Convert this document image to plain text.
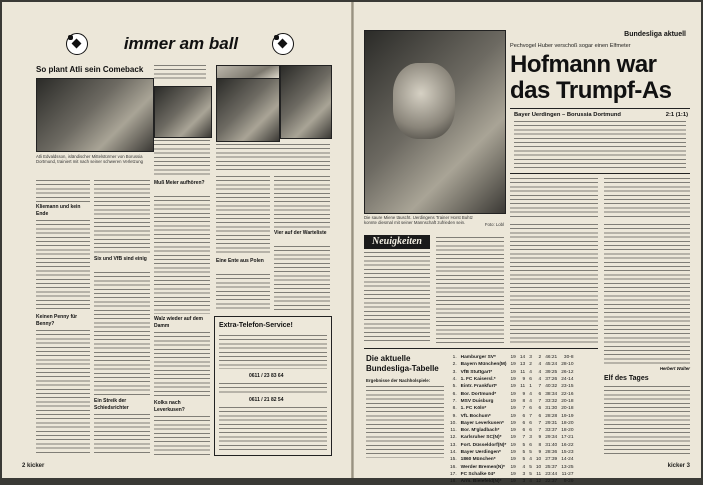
immer am ball
So plant Atli sein Comeback
Atli Edvaldsson, isländischer Mittelstürmer von Borussia Dortmund, trainiert mit nach seiner schweren Verletzung
Kliemann und kein Ende
Keinen Penny für Benny?
Six und VfB sind einig
Ein Streik der Schiedsrichter
Muß Meier aufhören?
Walz wieder auf dem Damm
Kolks nach Leverkusen?
Eine Ente aus Polen
Vier auf der Warteliste
Extra-Telefon-Service!
0611 / 23 83 64
0611 / 21 82 54
2 kicker
Bundesliga aktuell
Pechvogel Huber verschoß sogar einen Elfmeter
Hofmann war
das Trumpf-As
Bayer Uerdingen – Borussia Dortmund	2:1 (1:1)
Die saure Miene täuscht. Uerdingens Trainer Horst Buhtz konnte diesmal mit seiner Mannschaft zufrieden sein.	Foto: Lobl
Neuigkeiten
Die aktuelle
Bundesliga-Tabelle
Ergebnisse der Nachholspiele:
1.	Hamburger SV*	19	14	3	2	46:21	30-8
2.	Bayern München(M)	19	13	2	4	45:24	28-10
3.	VfB Stuttgart*	19	11	4	4	39:25	26-12
4.	1. FC Kaisersl.*	19	9	6	4	37:26	24-14
5.	Eintr. Frankfurt*	19	11	1	7	40:32	23-15
6.	Bor. Dortmund*	19	9	4	6	38:34	22-16
7.	MSV Duisburg	19	8	4	7	33:32	20-18
8.	1. FC Köln*	19	7	6	6	31:30	20-18
9.	VfL Bochum*	19	6	7	6	28:28	19-19
10.	Bayer Leverkusen*	19	6	6	7	29:31	18-20
11.	Bor. M'gladbach*	19	6	6	7	33:37	18-20
12.	Karlsruher SC(N)*	19	7	3	9	29:34	17-21
13.	Fort. Düsseldorf(N)*	19	5	6	8	31:40	16-22
14.	Bayer Uerdingen*	19	5	5	9	28:36	15-23
15.	1860 München*	19	5	4	10	27:39	14-24
16.	Werder Bremen(N)*	19	4	5	10	25:37	13-25
17.	FC Schalke 04*	19	3	5	11	23:44	11-27
18.	Arm. Bielefeld(N)*	19	3	4	12	22:37	9-29
Herbert Walter
Elf des Tages
kicker 3
